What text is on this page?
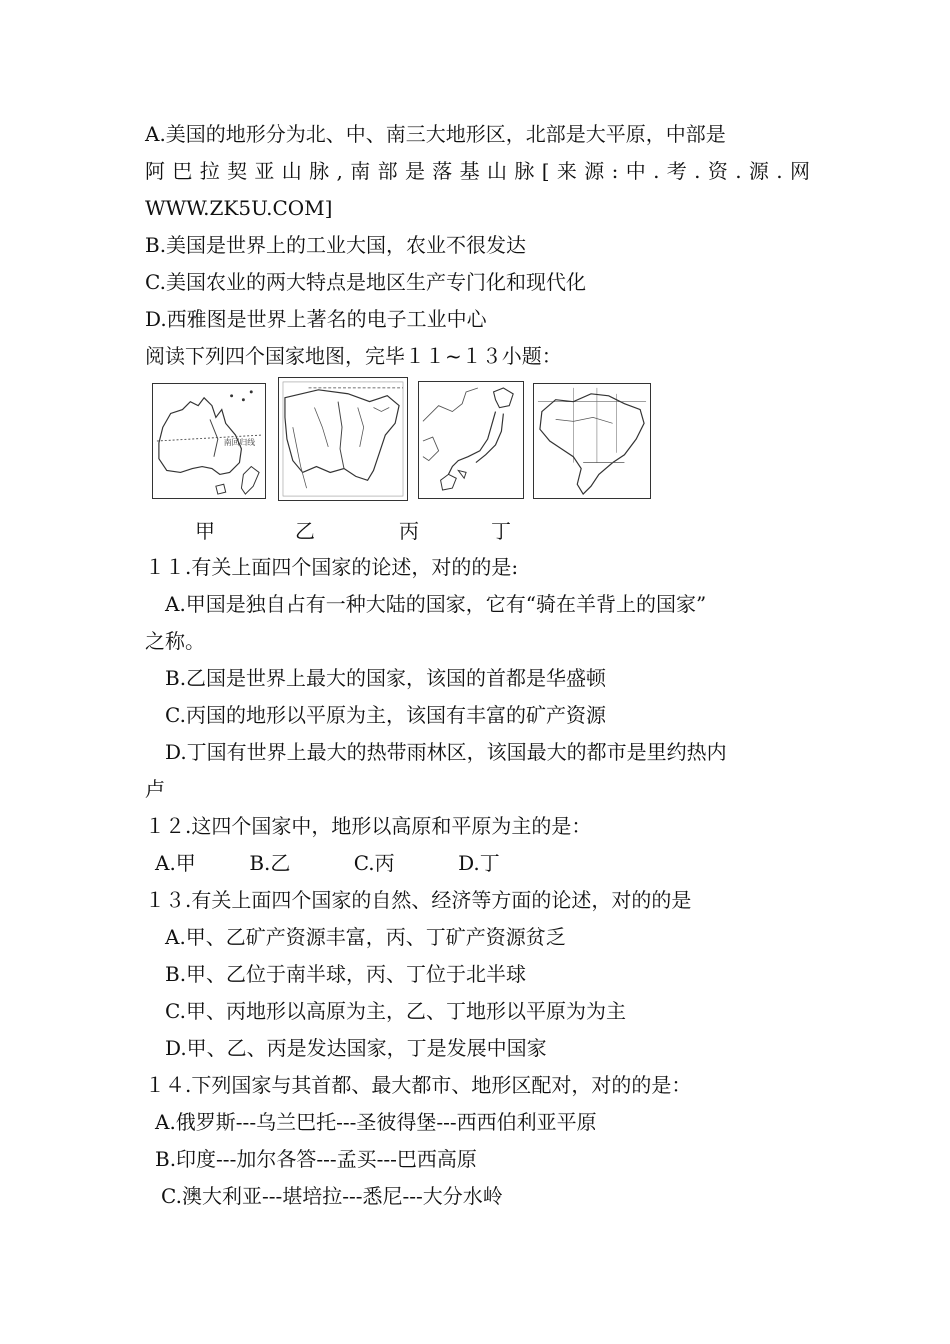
A.美国的地形分为北、中、南三大地形区，北部是大平原，中部是
阿巴拉契亚山脉,南部是落基山脉[来源:中.考.资.源.网
WWW.ZK5U.COM]
B.美国是世界上的工业大国，农业不很发达
C.美国农业的两大特点是地区生产专门化和现代化
D.西雅图是世界上著名的电子工业中心
阅读下列四个国家地图，完毕１１~１３小题：
南回归线
甲	乙	丙	丁
１１.有关上面四个国家的论述，对的的是:
A.甲国是独自占有一种大陆的国家，它有“骑在羊背上的国家”
之称。
B.乙国是世界上最大的国家，该国的首都是华盛顿
C.丙国的地形以平原为主，该国有丰富的矿产资源
D.丁国有世界上最大的热带雨林区，该国最大的都市是里约热内
卢
１２.这四个国家中，地形以高原和平原为主的是：
A.甲	B.乙	C.丙	D.丁
１３.有关上面四个国家的自然、经济等方面的论述，对的的是
A.甲、乙矿产资源丰富，丙、丁矿产资源贫乏
B.甲、乙位于南半球，丙、丁位于北半球
C.甲、丙地形以高原为主，乙、丁地形以平原为为主
D.甲、乙、丙是发达国家，丁是发展中国家
１４.下列国家与其首都、最大都市、地形区配对，对的的是：
A.俄罗斯---乌兰巴托---圣彼得堡---西西伯利亚平原
B.印度---加尔各答---孟买---巴西高原
C.澳大利亚---堪培拉---悉尼---大分水岭
